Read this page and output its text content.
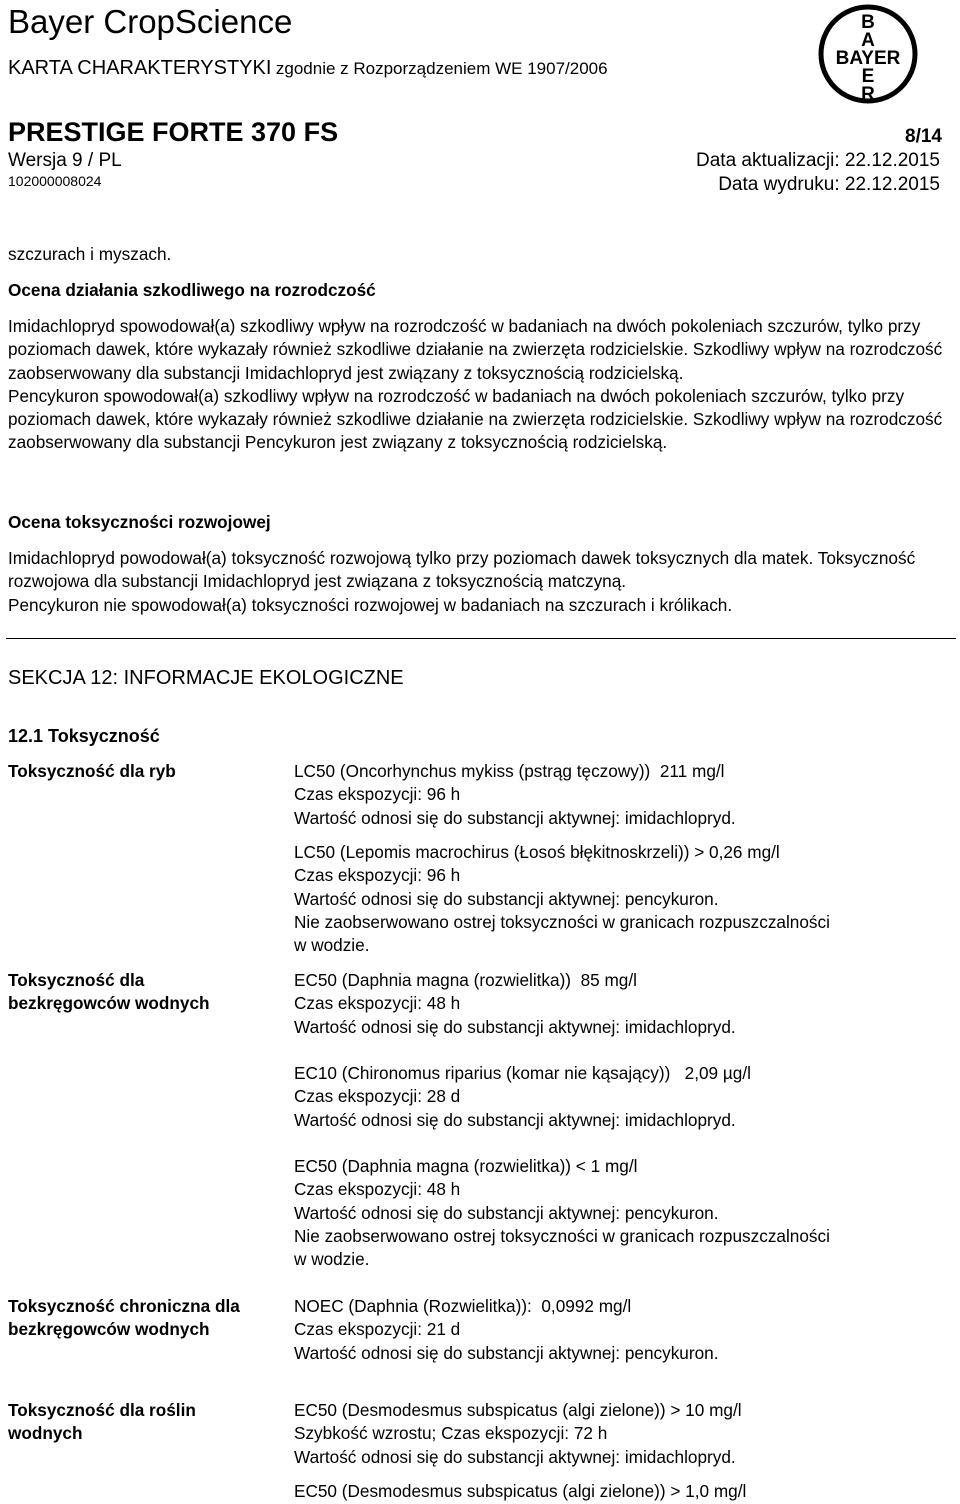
Bayer CropScience
KARTA CHARAKTERYSTYKI zgodnie z Rozporządzeniem WE 1907/2006
PRESTIGE FORTE 370 FS	8/14
Wersja 9 / PL
102000008024
Data aktualizacji: 22.12.2015
Data wydruku: 22.12.2015
B
A
BAYER
E
R
szczurach i myszach.
Ocena działania szkodliwego na rozrodczość

Imidachlopryd spowodował(a) szkodliwy wpływ na rozrodczość w badaniach na dwóch pokoleniach szczurów, tylko przy poziomach dawek, które wykazały również szkodliwe działanie na zwierzęta rodzicielskie. Szkodliwy wpływ na rozrodczość zaobserwowany dla substancji Imidachlopryd jest związany z toksycznością rodzicielską.

Pencykuron spowodował(a) szkodliwy wpływ na rozrodczość w badaniach na dwóch pokoleniach szczurów, tylko przy poziomach dawek, które wykazały również szkodliwe działanie na zwierzęta rodzicielskie. Szkodliwy wpływ na rozrodczość zaobserwowany dla substancji Pencykuron jest związany z toksycznością rodzicielską.

Ocena toksyczności rozwojowej

Imidachlopryd powodował(a) toksyczność rozwojową tylko przy poziomach dawek toksycznych dla matek. Toksyczność rozwojowa dla substancji Imidachlopryd jest związana z toksycznością matczyną.

Pencykuron nie spowodował(a) toksyczności rozwojowej w badaniach na szczurach i królikach.

SEKCJA 12: INFORMACJE EKOLOGICZNE
12.1 Toksyczność
Toksyczność dla ryb	LC50 (Oncorhynchus mykiss (pstrąg tęczowy))  211 mg/l
Czas ekspozycji: 96 h
Wartość odnosi się do substancji aktywnej: imidachlopryd.
LC50 (Lepomis macrochirus (Łosoś błękitnoskrzeli)) > 0,26 mg/l
Czas ekspozycji: 96 h
Wartość odnosi się do substancji aktywnej: pencykuron.
Nie zaobserwowano ostrej toksyczności w granicach rozpuszczalności
w wodzie.
Toksyczność dla
bezkręgowców wodnych
EC50 (Daphnia magna (rozwielitka))  85 mg/l
Czas ekspozycji: 48 h
Wartość odnosi się do substancji aktywnej: imidachlopryd.
EC10 (Chironomus riparius (komar nie kąsający))   2,09 µg/l
Czas ekspozycji: 28 d
Wartość odnosi się do substancji aktywnej: imidachlopryd.
EC50 (Daphnia magna (rozwielitka)) < 1 mg/l
Czas ekspozycji: 48 h
Wartość odnosi się do substancji aktywnej: pencykuron.
Nie zaobserwowano ostrej toksyczności w granicach rozpuszczalności
w wodzie.
Toksyczność chroniczna dla
bezkręgowców wodnych
NOEC (Daphnia (Rozwielitka)):  0,0992 mg/l
Czas ekspozycji: 21 d
Wartość odnosi się do substancji aktywnej: pencykuron.
Toksyczność dla roślin
wodnych
EC50 (Desmodesmus subspicatus (algi zielone)) > 10 mg/l
Szybkość wzrostu; Czas ekspozycji: 72 h
Wartość odnosi się do substancji aktywnej: imidachlopryd.
EC50 (Desmodesmus subspicatus (algi zielone)) > 1,0 mg/l
